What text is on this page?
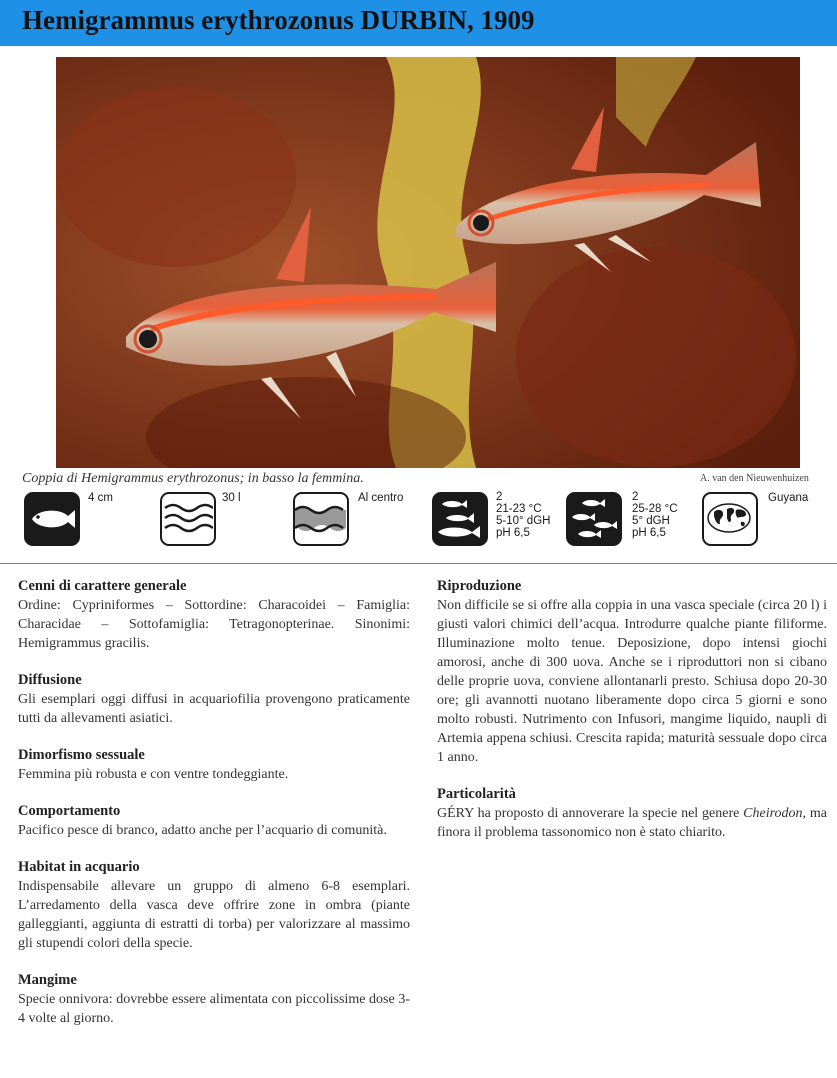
Hemigrammus erythrozonus DURBIN, 1909
Coppia di Hemigrammus erythrozonus; in basso la femmina.	A. van den Nieuwenhuizen
4 cm	30 l	Al centro	2
21-23 °C
5-10° dGH
pH 6,5
2
25-28 °C
5° dGH
pH 6,5
Guyana
Cenni di carattere generale

Ordine: Cypriniformes – Sottordine: Characoidei – Famiglia: Characidae – Sottofamiglia: Tetragonopterinae. Sinonimi: Hemigrammus gracilis.

Diffusione

Gli esemplari oggi diffusi in acquariofilia provengono praticamente tutti da allevamenti asiatici.

Dimorfismo sessuale

Femmina più robusta e con ventre tondeggiante.

Comportamento

Pacifico pesce di branco, adatto anche per l’acquario di comunità.

Habitat in acquario

Indispensabile allevare un gruppo di almeno 6-8 esemplari. L’arredamento della vasca deve offrire zone in ombra (piante galleggianti, aggiunta di estratti di torba) per valorizzare al massimo gli stupendi colori della specie.

Mangime

Specie onnivora: dovrebbe essere alimentata con piccolissime dose 3-4 volte al giorno.

Riproduzione

Non difficile se si offre alla coppia in una vasca speciale (circa 20 l) i giusti valori chimici dell’acqua. Introdurre qualche piante filiforme. Illuminazione molto tenue. Deposizione, dopo intensi giochi amorosi, anche di 300 uova. Anche se i riproduttori non si cibano delle proprie uova, conviene allontanarli presto. Schiusa dopo 20-30 ore; gli avannotti nuotano liberamente dopo circa 5 giorni e sono molto robusti. Nutrimento con Infusori, mangime liquido, naupli di Artemia appena schiusi. Crescita rapida; maturità sessuale dopo circa 1 anno.

Particolarità

GÉRY ha proposto di annoverare la specie nel genere Cheirodon, ma finora il problema tassonomico non è stato chiarito.
